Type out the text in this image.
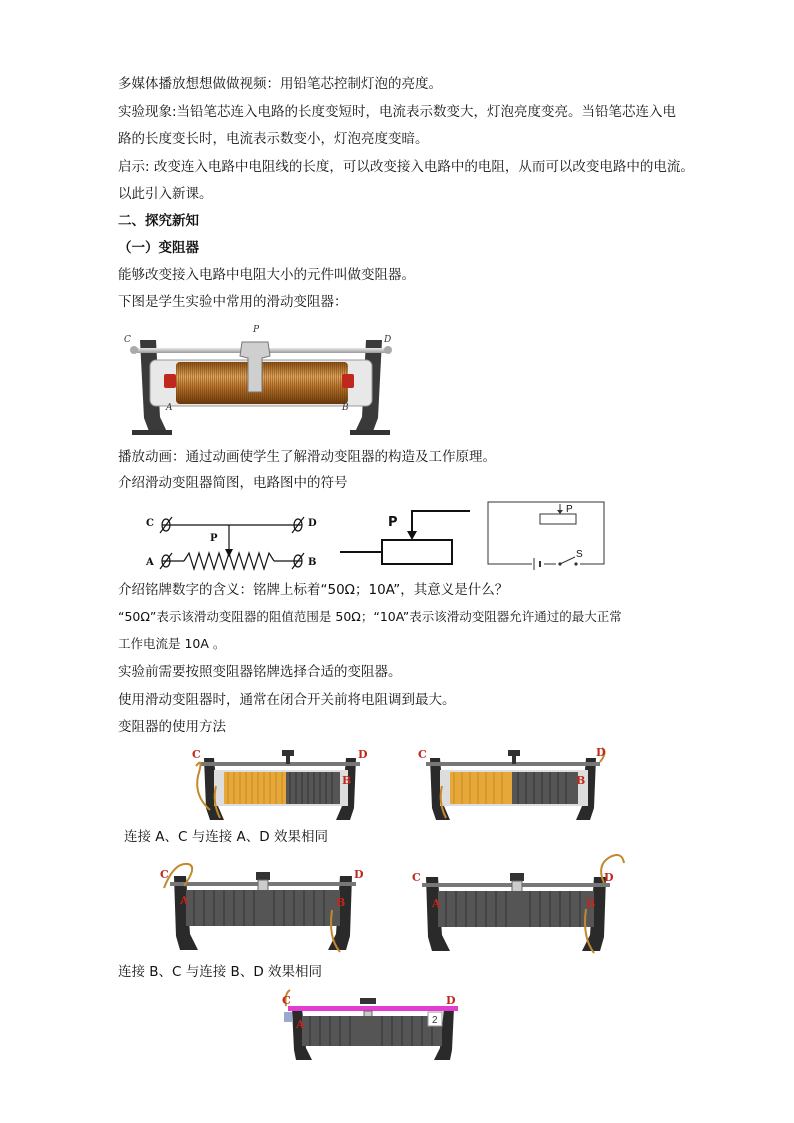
多媒体播放想想做做视频：用铅笔芯控制灯泡的亮度。
实验现象:当铅笔芯连入电路的长度变短时，电流表示数变大，灯泡亮度变亮。当铅笔芯连入电
路的长度变长时，电流表示数变小，灯泡亮度变暗。
启示: 改变连入电路中电阻线的长度，可以改变接入电路中的电阻，从而可以改变电路中的电流。
以此引入新课。
二、探究新知
（一）变阻器
能够改变接入电路中电阻大小的元件叫做变阻器。
下图是学生实验中常用的滑动变阻器：
C	D
P
A	B
播放动画：通过动画使学生了解滑动变阻器的构造及工作原理。
介绍滑动变阻器简图，电路图中的符号
C	D
A	B
P
P
P
S
介绍铭牌数字的含义：铭牌上标着“50Ω；10A”，其意义是什么？
“50Ω”表示该滑动变阻器的阻值范围是 50Ω；“10A”表示该滑动变阻器允许通过的最大正常
工作电流是 10A 。
实验前需要按照变阻器铭牌选择合适的变阻器。
使用滑动变阻器时，通常在闭合开关前将电阻调到最大。
变阻器的使用方法
C	D
B
C	D
B
连接 A、C 与连接 A、D 效果相同
C	D
A	B
C	D
A	B
连接 B、C 与连接 B、D 效果相同
2
C	D
A
